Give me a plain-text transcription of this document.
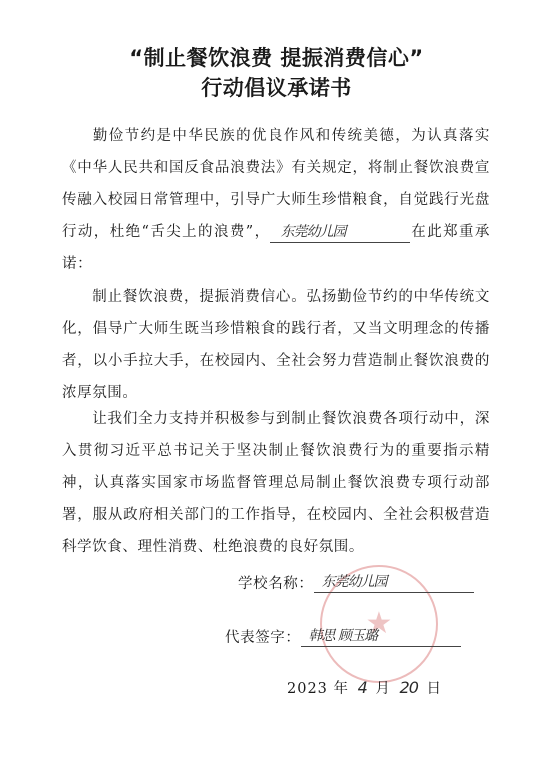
“制止餐饮浪费 提振消费信心”
行动倡议承诺书

勤俭节约是中华民族的优良作风和传统美德，为认真落实《中华人民共和国反食品浪费法》有关规定，将制止餐饮浪费宣传融入校园日常管理中，引导广大师生珍惜粮食，自觉践行光盘行动，杜绝“舌尖上的浪费”， 东莞幼儿园	在此郑重承诺：

制止餐饮浪费，提振消费信心。弘扬勤俭节约的中华传统文化，倡导广大师生既当珍惜粮食的践行者，又当文明理念的传播者，以小手拉大手，在校园内、全社会努力营造制止餐饮浪费的浓厚氛围。

让我们全力支持并积极参与到制止餐饮浪费各项行动中，深入贯彻习近平总书记关于坚决制止餐饮浪费行为的重要指示精神，认真落实国家市场监督管理总局制止餐饮浪费专项行动部署，服从政府相关部门的工作指导，在校园内、全社会积极营造科学饮食、理性消费、杜绝浪费的良好氛围。

★
学校名称： 东莞幼儿园
代表签字： 韩思 顾玉璐
2023 年 4 月 20 日
